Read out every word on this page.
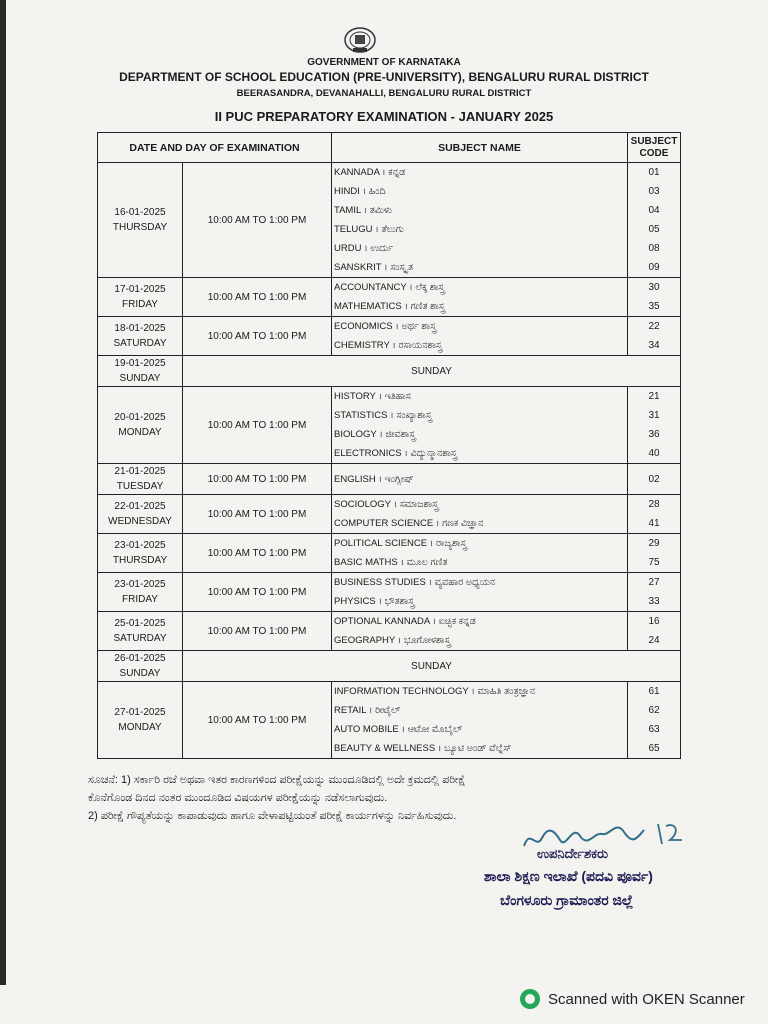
GOVERNMENT OF KARNATAKA
DEPARTMENT OF SCHOOL EDUCATION (PRE-UNIVERSITY), BENGALURU RURAL DISTRICT
BEERASANDRA, DEVANAHALLI, BENGALURU RURAL DISTRICT
II PUC PREPARATORY EXAMINATION - JANUARY 2025
DATE AND DAY OF EXAMINATION		SUBJECT NAME	SUBJECT
CODE
16-01-2025
THURSDAY	10:00 AM TO 1:00 PM	KANNADA । ಕನ್ನಡ	01
		HINDI । ಹಿಂದಿ	03
		TAMIL । ತಮಿಳು	04
		TELUGU । ತೆಲುಗು	05
		URDU । ಉರ್ದು	08
		SANSKRIT । ಸಂಸ್ಕೃತ	09
17-01-2025
FRIDAY	10:00 AM TO 1:00 PM	ACCOUNTANCY । ಲೆಕ್ಕ ಶಾಸ್ತ್ರ	30
		MATHEMATICS । ಗಣಿತ ಶಾಸ್ತ್ರ	35
18-01-2025
SATURDAY	10:00 AM TO 1:00 PM	ECONOMICS । ಅರ್ಥ ಶಾಸ್ತ್ರ	22
		CHEMISTRY । ರಸಾಯನಶಾಸ್ತ್ರ	34
19-01-2025
SUNDAY	SUNDAY		
20-01-2025
MONDAY	10:00 AM TO 1:00 PM	HISTORY । ಇತಿಹಾಸ	21
		STATISTICS । ಸಂಖ್ಯಾಶಾಸ್ತ್ರ	31
		BIOLOGY । ಜೀವಶಾಸ್ತ್ರ	36
		ELECTRONICS । ವಿದ್ಯುನ್ಮಾನಶಾಸ್ತ್ರ	40
21-01-2025
TUESDAY	10:00 AM TO 1:00 PM	ENGLISH । ಇಂಗ್ಲೀಷ್	02
22-01-2025
WEDNESDAY	10:00 AM TO 1:00 PM	SOCIOLOGY । ಸಮಾಜಶಾಸ್ತ್ರ	28
		COMPUTER SCIENCE । ಗಣಕ ವಿಜ್ಞಾನ	41
23-01-2025
THURSDAY	10:00 AM TO 1:00 PM	POLITICAL SCIENCE । ರಾಜ್ಯಶಾಸ್ತ್ರ	29
		BASIC MATHS । ಮೂಲ ಗಣಿತ	75
23-01-2025
FRIDAY	10:00 AM TO 1:00 PM	BUSINESS STUDIES । ವ್ಯವಹಾರ ಅಧ್ಯಯನ	27
		PHYSICS । ಭೌತಶಾಸ್ತ್ರ	33
25-01-2025
SATURDAY	10:00 AM TO 1:00 PM	OPTIONAL KANNADA । ಐಚ್ಛಿಕ ಕನ್ನಡ	16
		GEOGRAPHY । ಭೂಗೋಳಶಾಸ್ತ್ರ	24
26-01-2025
SUNDAY	SUNDAY		
27-01-2025
MONDAY	10:00 AM TO 1:00 PM	INFORMATION TECHNOLOGY । ಮಾಹಿತಿ ತಂತ್ರಜ್ಞಾನ	61
		RETAIL । ರೀಟೈಲ್	62
		AUTO MOBILE । ಆಟೋ ಮೊಬೈಲ್	63
		BEAUTY & WELLNESS । ಬ್ಯೂಟಿ ಅಂಡ್ ವೆಲ್ನೆಸ್	65
ಸೂಚನೆ: 1) ಸರ್ಕಾರಿ ರಜೆ ಅಥವಾ ಇತರ ಕಾರಣಗಳಿಂದ ಪರೀಕ್ಷೆಯನ್ನು ಮುಂದೂಡಿದಲ್ಲಿ ಅದೇ ಕ್ರಮದಲ್ಲಿ ಪರೀಕ್ಷೆ
ಕೊನೆಗೊಂಡ ದಿನದ ನಂತರ ಮುಂದೂಡಿದ ವಿಷಯಗಳ ಪರೀಕ್ಷೆಯನ್ನು ನಡೆಸಲಾಗುವುದು.
2) ಪರೀಕ್ಷೆ ಗೌಪ್ಯತೆಯನ್ನು ಕಾಪಾಡುವುದು ಹಾಗೂ ವೇಳಾಪಟ್ಟಿಯಂತೆ ಪರೀಕ್ಷೆ ಕಾರ್ಯಗಳನ್ನು ನಿರ್ವಹಿಸುವುದು.
ಉಪನಿರ್ದೇಶಕರು
ಶಾಲಾ ಶಿಕ್ಷಣ ಇಲಾಖೆ (ಪದವಿ ಪೂರ್ವ)
ಬೆಂಗಳೂರು ಗ್ರಾಮಾಂತರ ಜಿಲ್ಲೆ
Scanned with OKEN Scanner
